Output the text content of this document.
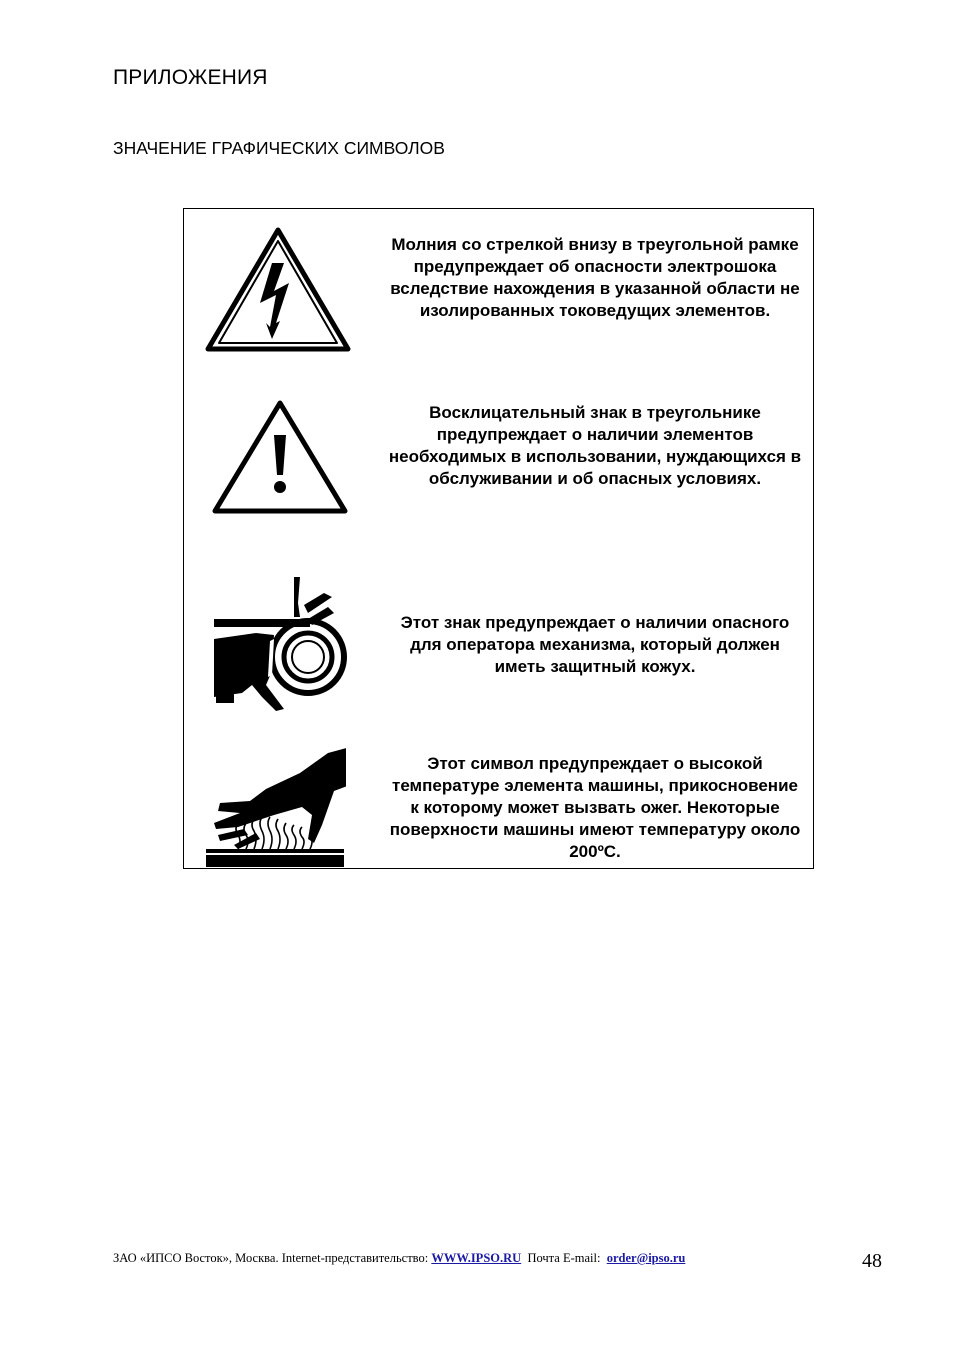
ПРИЛОЖЕНИЯ
ЗНАЧЕНИЕ ГРАФИЧЕСКИХ СИМВОЛОВ
Молния со стрелкой внизу в треугольной рамке предупреждает об опасности электрошока вследствие нахождения в указанной области не изолированных токоведущих элементов.
Восклицательный знак в треугольнике предупреждает о наличии элементов необходимых в использовании, нуждающихся в обслуживании и об опасных условиях.
Этот знак предупреждает о наличии опасного для оператора механизма, который должен иметь защитный кожух.
Этот символ предупреждает о высокой температуре элемента машины, прикосновение к которому может вызвать ожег. Некоторые поверхности машины имеют температуру около 200ºC.
ЗАО «ИПСО Восток», Москва. Internet-представительство: WWW.IPSO.RU Почта E-mail: order@ipso.ru	48
